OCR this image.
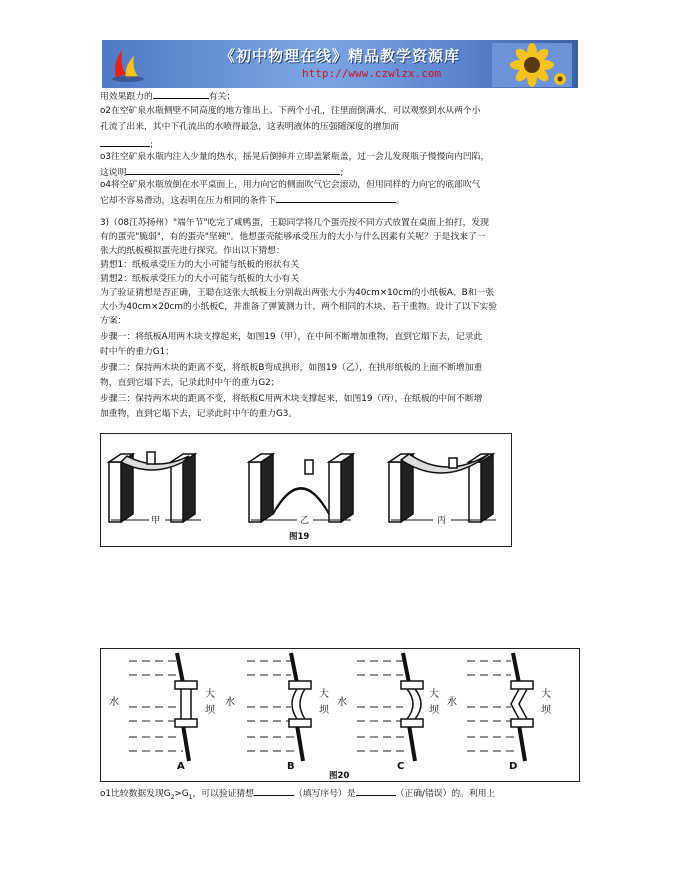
《初中物理在线》精品教学资源库
http://www.czwlzx.com
用效果跟力的	有关；
o2在空矿泉水瓶侧壁不同高度的地方锥出上、下两个小孔，往里面倒满水，可以观察到水从两个小
孔流了出来，其中下孔流出的水喷得最急，这表明液体的压强随深度的增加而
;
o3往空矿泉水瓶内注入少量的热水，摇晃后倒掉并立即盖紧瓶盖，过一会儿发现瓶子慢慢向内凹陷，
这说明	;
o4将空矿泉水瓶放倒在水平桌面上，用力向它的侧面吹气它会滚动，但用同样的力向它的底部吹气
它却不容易滑动，这表明在压力相同的条件下	。
3)（08江苏扬州）"端午节"吃完了咸鸭蛋，王聪同学将几个蛋壳按不同方式放置在桌面上拍打，发现
有的蛋壳"脆弱"，有的蛋壳"坚硬"。他想蛋壳能够承受压力的大小与什么因素有关呢？于是找来了一
张大的纸板模拟蛋壳进行探究。作出以下猜想：
猜想1：纸板承受压力的大小可能与纸板的形状有关
猜想2：纸板承受压力的大小可能与纸板的大小有关
为了验证猜想是否正确，王聪在这张大纸板上分别裁出两张大小为40cm×10cm的小纸板A、B和一张
大小为40cm×20cm的小纸板C，并准备了弹簧测力计、两个相同的木块、若干重物。设计了以下实验
方案：
步骤一：将纸板A用两木块支撑起来，如图19（甲），在中间不断增加重物，直到它塌下去，记录此
时中午的重力G1；
步骤二：保持两木块的距离不变，将纸板B弯成拱形，如图19（乙），在拱形纸板的上面不断增加重
物，直到它塌下去，记录此时中午的重力G2；
步骤三：保持两木块的距离不变，将纸板C用两木块支撑起来，如图19（丙），在纸板的中间不断增
加重物，直到它塌下去，记录此时中午的重力G3。
甲	乙	丙
图19
水	水	水	水
大
坝
大
坝
大
坝
大
坝
A	B	C	D
图20
o1比较数据发现$G_2>G_1$，可以验证猜想	（填写序号）是	（正确/错误）的。利用上
